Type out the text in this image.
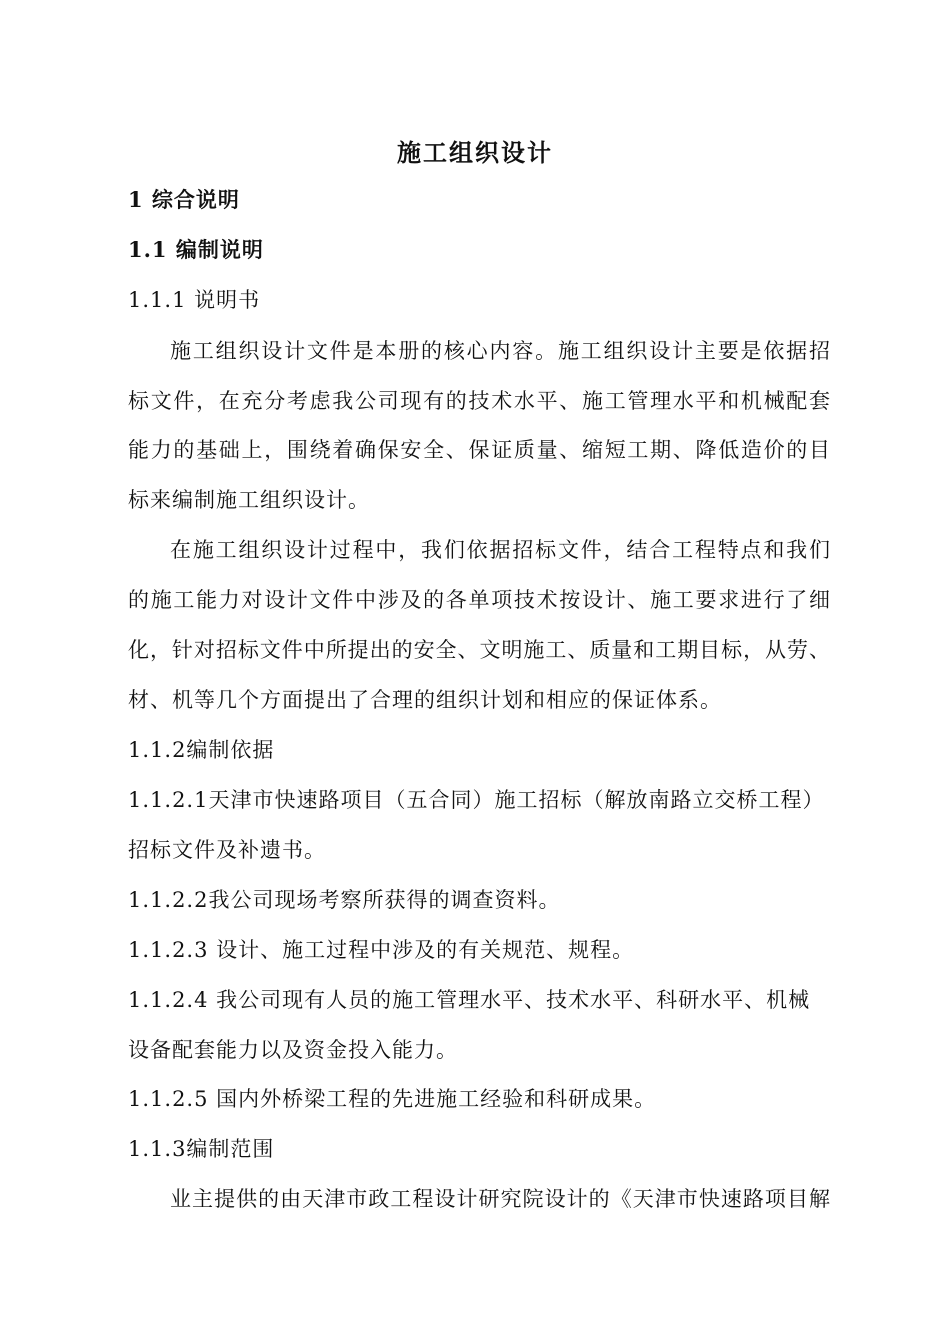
施工组织设计
1 综合说明
1.1 编制说明
1.1.1 说明书
施工组织设计文件是本册的核心内容。施工组织设计主要是依据招
标文件，在充分考虑我公司现有的技术水平、施工管理水平和机械配套
能力的基础上，围绕着确保安全、保证质量、缩短工期、降低造价的目
标来编制施工组织设计。
在施工组织设计过程中，我们依据招标文件，结合工程特点和我们
的施工能力对设计文件中涉及的各单项技术按设计、施工要求进行了细
化，针对招标文件中所提出的安全、文明施工、质量和工期目标，从劳、
材、机等几个方面提出了合理的组织计划和相应的保证体系。
1.1.2编制依据
1.1.2.1天津市快速路项目（五合同）施工招标（解放南路立交桥工程）
招标文件及补遗书。
1.1.2.2我公司现场考察所获得的调查资料。
1.1.2.3 设计、施工过程中涉及的有关规范、规程。
1.1.2.4 我公司现有人员的施工管理水平、技术水平、科研水平、机械
设备配套能力以及资金投入能力。
1.1.2.5 国内外桥梁工程的先进施工经验和科研成果。
1.1.3编制范围
业主提供的由天津市政工程设计研究院设计的《天津市快速路项目解
